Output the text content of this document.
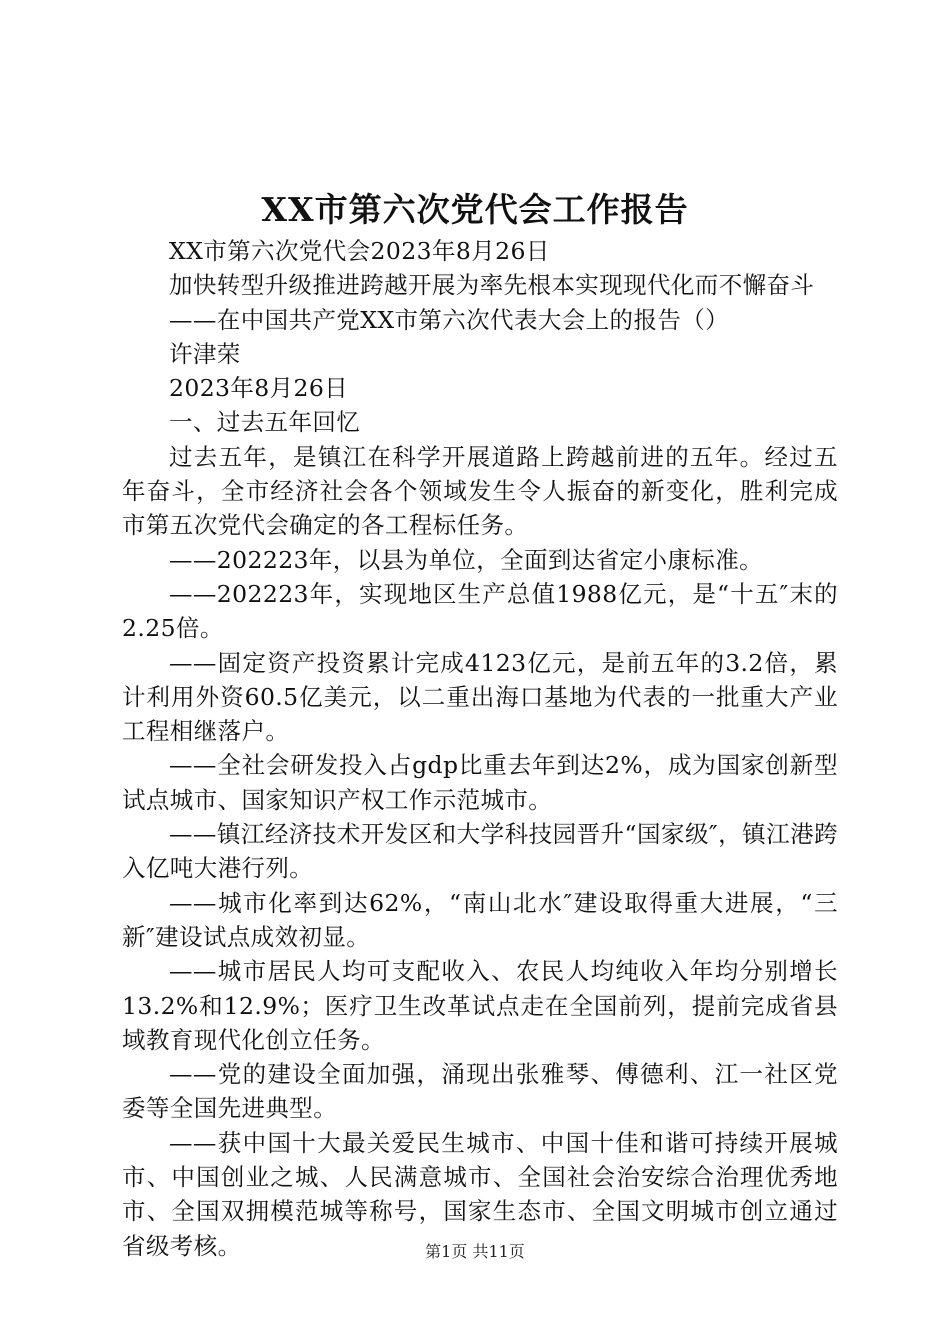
XX市第六次党代会工作报告

XX市第六次党代会2023年8月26日

加快转型升级推进跨越开展为率先根本实现现代化而不懈奋斗

——在中国共产党XX市第六次代表大会上的报告（）

许津荣

2023年8月26日

一、过去五年回忆

过去五年，是镇江在科学开展道路上跨越前进的五年。经过五年奋斗，全市经济社会各个领域发生令人振奋的新变化，胜利完成市第五次党代会确定的各工程标任务。

——202223年，以县为单位，全面到达省定小康标准。

——202223年，实现地区生产总值1988亿元，是“十五″末的2.25倍。

——固定资产投资累计完成4123亿元，是前五年的3.2倍，累计利用外资60.5亿美元，以二重出海口基地为代表的一批重大产业工程相继落户。

——全社会研发投入占gdp比重去年到达2%，成为国家创新型试点城市、国家知识产权工作示范城市。

——镇江经济技术开发区和大学科技园晋升“国家级″，镇江港跨入亿吨大港行列。

——城市化率到达62%，“南山北水″建设取得重大进展，“三新″建设试点成效初显。

——城市居民人均可支配收入、农民人均纯收入年均分别增长13.2%和12.9%；医疗卫生改革试点走在全国前列，提前完成省县域教育现代化创立任务。

——党的建设全面加强，涌现出张雅琴、傅德利、江一社区党委等全国先进典型。

——获中国十大最关爱民生城市、中国十佳和谐可持续开展城市、中国创业之城、人民满意城市、全国社会治安综合治理优秀地市、全国双拥模范城等称号，国家生态市、全国文明城市创立通过省级考核。	第1页 共11页
